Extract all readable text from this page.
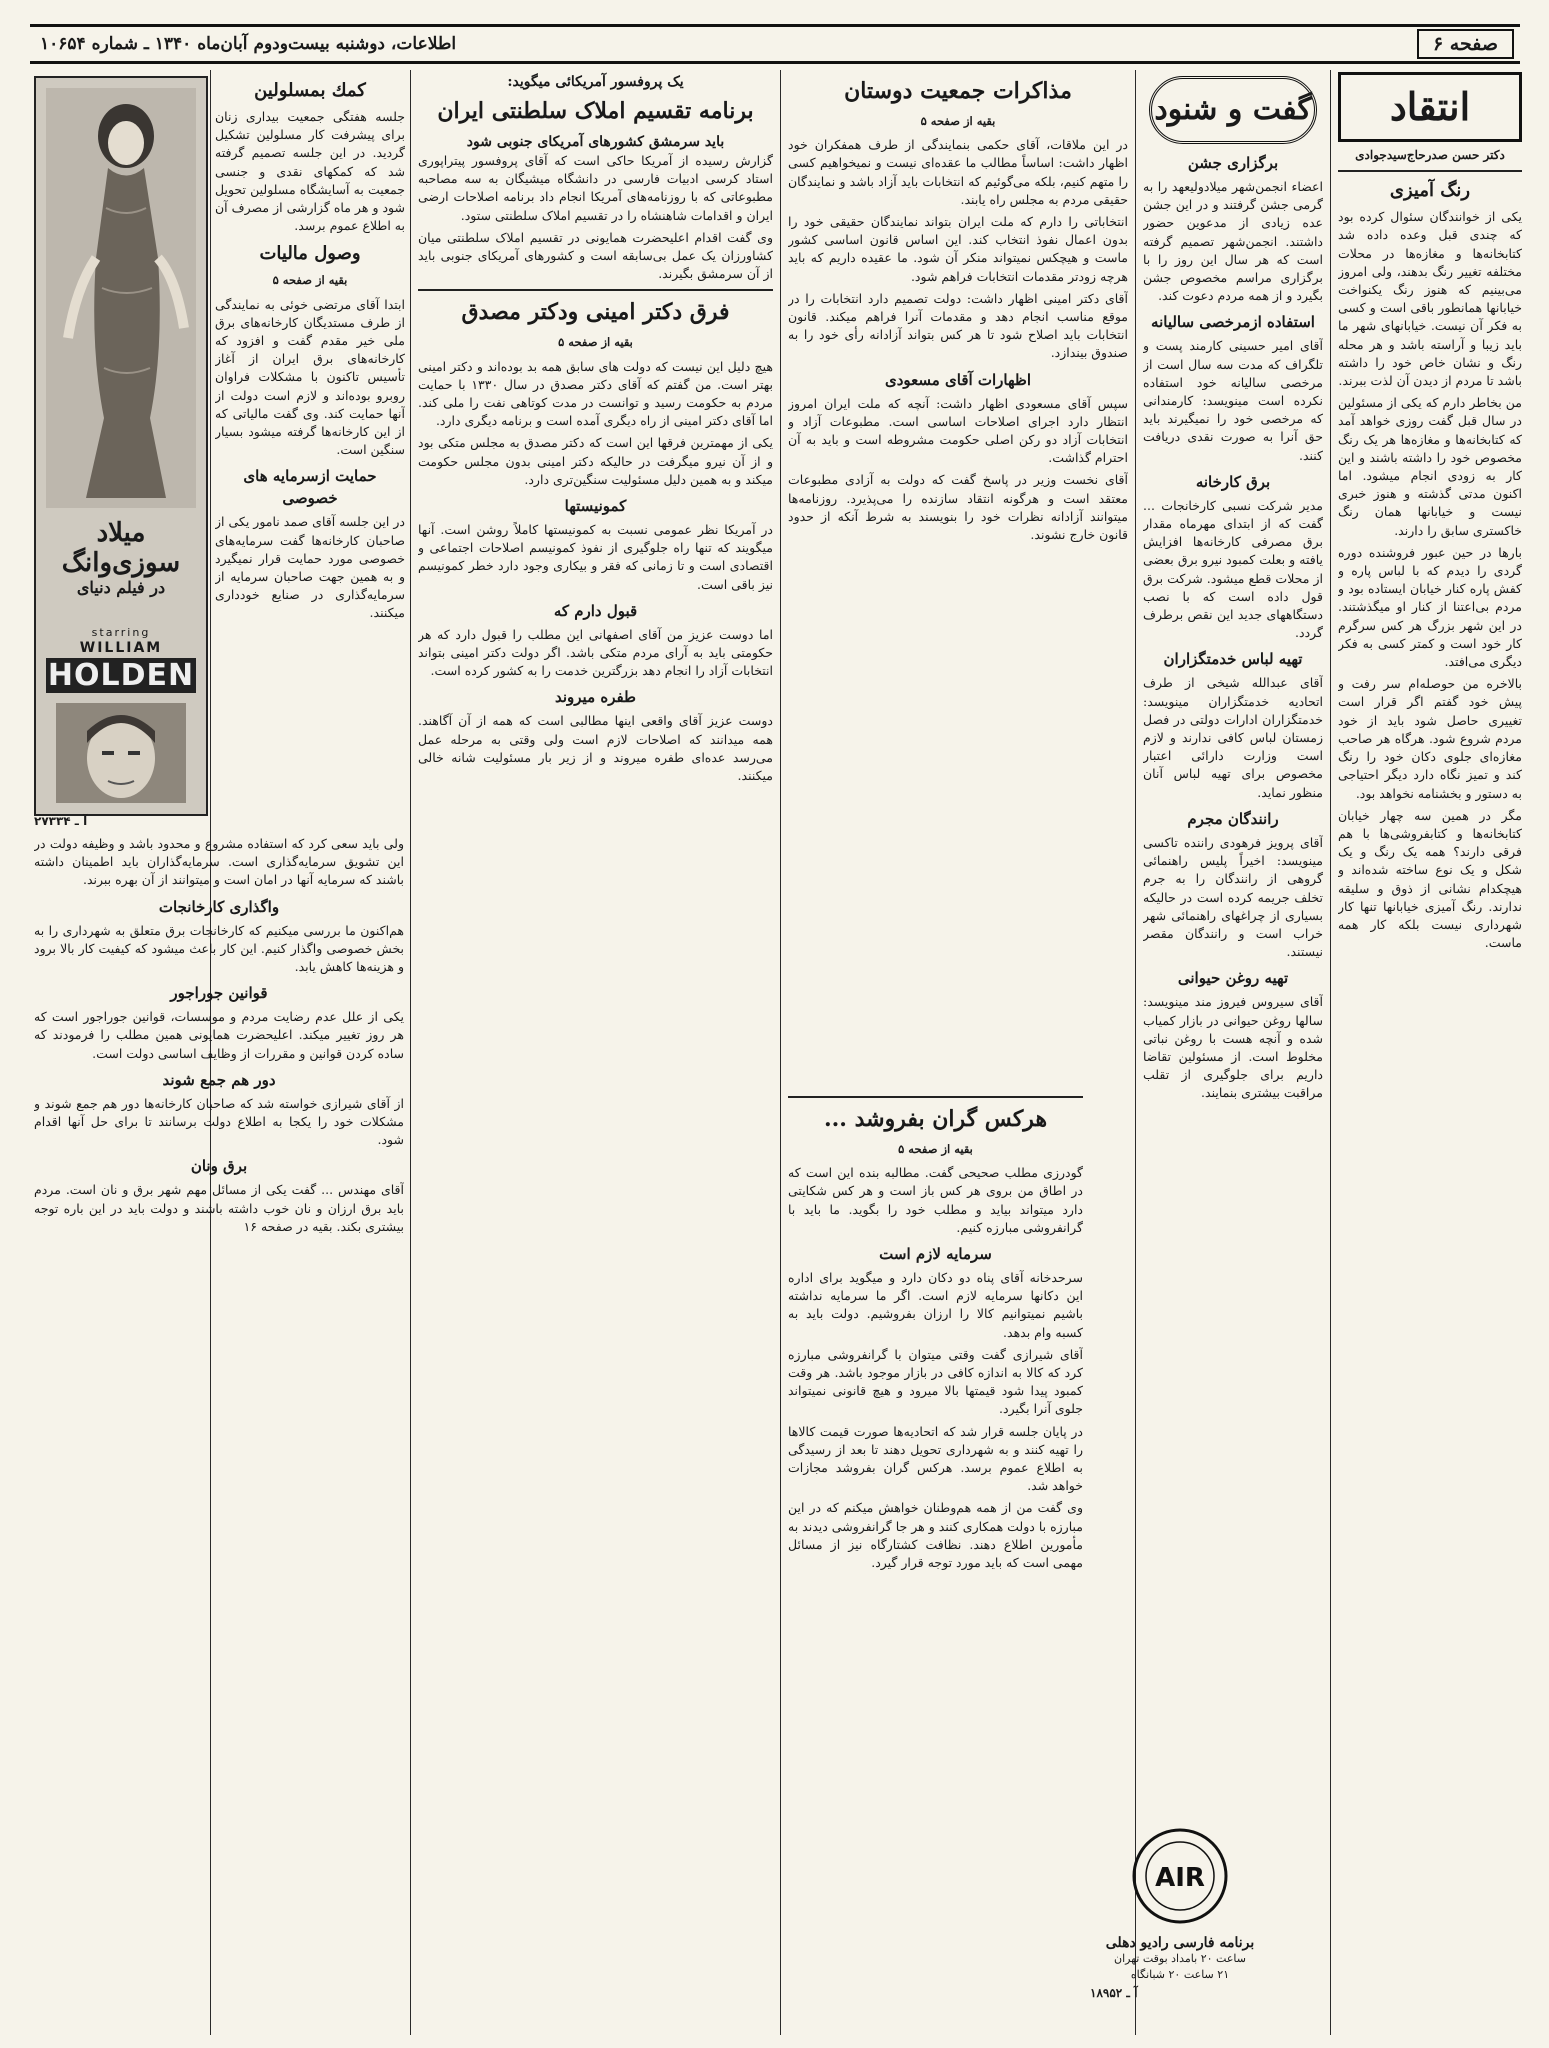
صفحه ۶
اطلاعات، دوشنبه بیست‌ودوم آبان‌ماه ۱۳۴۰ ـ شماره ۱۰۶۵۴
انتقاد
دکتر حسن صدرحاج‌سیدجوادی
رنگ آمیزی

یکی از خوانندگان سئوال کرده بود که چندی قبل وعده داده شد کتابخانه‌ها و مغازه‌ها در محلات مختلفه تغییر رنگ بدهند، ولی امروز می‌بینیم که هنوز رنگ یکنواخت خیابانها همانطور باقی است و کسی به فکر آن نیست. خیابانهای شهر ما باید زیبا و آراسته باشد و هر محله رنگ و نشان خاص خود را داشته باشد تا مردم از دیدن آن لذت ببرند.

من بخاطر دارم که یکی از مسئولین در سال قبل گفت روزی خواهد آمد که کتابخانه‌ها و مغازه‌ها هر یک رنگ مخصوص خود را داشته باشند و این کار به زودی انجام میشود. اما اکنون مدتی گذشته و هنوز خبری نیست و خیابانها همان رنگ خاکستری سابق را دارند.

بارها در حین عبور فروشنده دوره گردی را دیدم که با لباس پاره و کفش پاره کنار خیابان ایستاده بود و مردم بی‌اعتنا از کنار او میگذشتند. در این شهر بزرگ هر کس سرگرم کار خود است و کمتر کسی به فکر دیگری می‌افتد.

بالاخره من حوصله‌ام سر رفت و پیش خود گفتم اگر قرار است تغییری حاصل شود باید از خود مردم شروع شود. هرگاه هر صاحب مغازه‌ای جلوی دکان خود را رنگ کند و تمیز نگاه دارد دیگر احتیاجی به دستور و بخشنامه نخواهد بود.

مگر در همین سه چهار خیابان کتابخانه‌ها و کتابفروشی‌ها با هم فرقی دارند؟ همه یک رنگ و یک شکل و یک نوع ساخته شده‌اند و هیچکدام نشانی از ذوق و سلیقه ندارند. رنگ آمیزی خیابانها تنها کار شهرداری نیست بلکه کار همه ماست.

گفت و شنود
برگزاری جشن

اعضاء انجمن‌شهر میلادولیعهد را به گرمی جشن گرفتند و در این جشن عده زیادی از مدعوین حضور داشتند. انجمن‌شهر تصمیم گرفته است که هر سال این روز را با برگزاری مراسم مخصوص جشن بگیرد و از همه مردم دعوت کند.

استفاده ازمرخصی سالیانه

آقای امیر حسینی کارمند پست و تلگراف که مدت سه سال است از مرخصی سالیانه خود استفاده نکرده است مینویسد: کارمندانی که مرخصی خود را نمیگیرند باید حق آنرا به صورت نقدی دریافت کنند.

برق کارخانه

مدیر شرکت نسبی کارخانجات ... گفت که از ابتدای مهرماه مقدار برق مصرفی کارخانه‌ها افزایش یافته و بعلت کمبود نیرو برق بعضی از محلات قطع میشود. شرکت برق قول داده است که با نصب دستگاههای جدید این نقص برطرف گردد.

تهیه لباس خدمتگزاران

آقای عبدالله شیخی از طرف اتحادیه خدمتگزاران مینویسد: خدمتگزاران ادارات دولتی در فصل زمستان لباس کافی ندارند و لازم است وزارت دارائی اعتبار مخصوص برای تهیه لباس آنان منظور نماید.

رانندگان مجرم

آقای پرویز فرهودی راننده تاکسی مینویسد: اخیراً پلیس راهنمائی گروهی از رانندگان را به جرم تخلف جریمه کرده است در حالیکه بسیاری از چراغهای راهنمائی شهر خراب است و رانندگان مقصر نیستند.

تهیه روغن حیوانی

آقای سیروس فیروز مند مینویسد: سالها روغن حیوانی در بازار کمیاب شده و آنچه هست با روغن نباتی مخلوط است. از مسئولین تقاضا داریم برای جلوگیری از تقلب مراقبت بیشتری بنمایند.

مذاکرات جمعیت دوستان
بقیه از صفحه ۵

در این ملاقات، آقای حکمی بنمایندگی از طرف همفکران خود اظهار داشت: اساساً مطالب ما عقده‌ای نیست و نمیخواهیم کسی را متهم کنیم، بلکه می‌گوئیم که انتخابات باید آزاد باشد و نمایندگان حقیقی مردم به مجلس راه یابند.

انتخاباتی را دارم که ملت ایران بتواند نمایندگان حقیقی خود را بدون اعمال نفوذ انتخاب کند. این اساس قانون اساسی کشور ماست و هیچکس نمیتواند منکر آن شود. ما عقیده داریم که باید هرچه زودتر مقدمات انتخابات فراهم شود.

آقای دکتر امینی اظهار داشت: دولت تصمیم دارد انتخابات را در موقع مناسب انجام دهد و مقدمات آنرا فراهم میکند. قانون انتخابات باید اصلاح شود تا هر کس بتواند آزادانه رأی خود را به صندوق بیندازد.

اظهارات آقای مسعودی

سپس آقای مسعودی اظهار داشت: آنچه که ملت ایران امروز انتظار دارد اجرای اصلاحات اساسی است. مطبوعات آزاد و انتخابات آزاد دو رکن اصلی حکومت مشروطه است و باید به آن احترام گذاشت.

آقای نخست وزیر در پاسخ گفت که دولت به آزادی مطبوعات معتقد است و هرگونه انتقاد سازنده را می‌پذیرد. روزنامه‌ها میتوانند آزادانه نظرات خود را بنویسند به شرط آنکه از حدود قانون خارج نشوند.

هرکس گران بفروشد ...
بقیه از صفحه ۵

گودرزی مطلب صحیحی گفت. مطالبه بنده این است که در اطاق من بروی هر کس باز است و هر کس شکایتی دارد میتواند بیاید و مطلب خود را بگوید. ما باید با گرانفروشی مبارزه کنیم.

سرمایه لازم است

سرحدخانه آقای پناه دو دکان دارد و میگوید برای اداره این دکانها سرمایه لازم است. اگر ما سرمایه نداشته باشیم نمیتوانیم کالا را ارزان بفروشیم. دولت باید به کسبه وام بدهد.

آقای شیرازی گفت وقتی میتوان با گرانفروشی مبارزه کرد که کالا به اندازه کافی در بازار موجود باشد. هر وقت کمبود پیدا شود قیمتها بالا میرود و هیچ قانونی نمیتواند جلوی آنرا بگیرد.

در پایان جلسه قرار شد که اتحادیه‌ها صورت قیمت کالاها را تهیه کنند و به شهرداری تحویل دهند تا بعد از رسیدگی به اطلاع عموم برسد. هرکس گران بفروشد مجازات خواهد شد.

وی گفت من از همه هم‌وطنان خواهش میکنم که در این مبارزه با دولت همکاری کنند و هر جا گرانفروشی دیدند به مأمورین اطلاع دهند. نظافت کشتارگاه نیز از مسائل مهمی است که باید مورد توجه قرار گیرد.

یک پروفسور آمریکائی میگوید:
برنامه تقسیم املاک سلطنتی ایران
باید سرمشق کشورهای آمریکای جنوبی شود

گزارش رسیده از آمریکا حاکی است که آقای پروفسور پیتراپوری استاد کرسی ادبیات فارسی در دانشگاه میشیگان به سه مصاحبه مطبوعاتی که با روزنامه‌های آمریکا انجام داد برنامه اصلاحات ارضی ایران و اقدامات شاهنشاه را در تقسیم املاک سلطنتی ستود.

وی گفت اقدام اعلیحضرت همایونی در تقسیم املاک سلطنتی میان کشاورزان یک عمل بی‌سابقه است و کشورهای آمریکای جنوبی باید از آن سرمشق بگیرند.

فرق دکتر امینی ودکتر مصدق
بقیه از صفحه ۵

هیچ دلیل این نیست که دولت های سابق همه بد بوده‌اند و دکتر امینی بهتر است. من گفتم که آقای دکتر مصدق در سال ۱۳۳۰ با حمایت مردم به حکومت رسید و توانست در مدت کوتاهی نفت را ملی کند. اما آقای دکتر امینی از راه دیگری آمده است و برنامه دیگری دارد.

یکی از مهمترین فرقها این است که دکتر مصدق به مجلس متکی بود و از آن نیرو میگرفت در حالیکه دکتر امینی بدون مجلس حکومت میکند و به همین دلیل مسئولیت سنگین‌تری دارد.

کمونیستها

در آمریکا نظر عمومی نسبت به کمونیستها کاملاً روشن است. آنها میگویند که تنها راه جلوگیری از نفوذ کمونیسم اصلاحات اجتماعی و اقتصادی است و تا زمانی که فقر و بیکاری وجود دارد خطر کمونیسم نیز باقی است.

قبول دارم که

اما دوست عزیز من آقای اصفهانی این مطلب را قبول دارد که هر حکومتی باید به آرای مردم متکی باشد. اگر دولت دکتر امینی بتواند انتخابات آزاد را انجام دهد بزرگترین خدمت را به کشور کرده است.

طفره میروند

دوست عزیز آقای واقعی اینها مطالبی است که همه از آن آگاهند. همه میدانند که اصلاحات لازم است ولی وقتی به مرحله عمل می‌رسد عده‌ای طفره میروند و از زیر بار مسئولیت شانه خالی میکنند.

کمك بمسلولین

جلسه هفتگی جمعیت بیداری زنان برای پیشرفت کار مسلولین تشکیل گردید. در این جلسه تصمیم گرفته شد که کمکهای نقدی و جنسی جمعیت به آسایشگاه مسلولین تحویل شود و هر ماه گزارشی از مصرف آن به اطلاع عموم برسد.

وصول مالیات
بقیه از صفحه ۵

ابتدا آقای مرتضی خوئی به نمایندگی از طرف مستدیگان کارخانه‌های برق ملی خیر مقدم گفت و افزود که کارخانه‌های برق ایران از آغاز تأسیس تاکنون با مشکلات فراوان روبرو بوده‌اند و لازم است دولت از آنها حمایت کند. وی گفت مالیاتی که از این کارخانه‌ها گرفته میشود بسیار سنگین است.

حمایت ازسرمایه های خصوصی

در این جلسه آقای صمد نامور یکی از صاحبان کارخانه‌ها گفت سرمایه‌های خصوصی مورد حمایت قرار نمیگیرد و به همین جهت صاحبان سرمایه از سرمایه‌گذاری در صنایع خودداری میکنند.

ولی باید سعی کرد که استفاده مشروع و محدود باشد و وظیفه دولت در این تشویق سرمایه‌گذاری است. سرمایه‌گذاران باید اطمینان داشته باشند که سرمایه آنها در امان است و میتوانند از آن بهره ببرند.

واگذاری کارخانجات

هم‌اکنون ما بررسی میکنیم که کارخانجات برق متعلق به شهرداری را به بخش خصوصی واگذار کنیم. این کار باعث میشود که کیفیت کار بالا برود و هزینه‌ها کاهش یابد.

قوانین جوراجور

یکی از علل عدم رضایت مردم و موسسات، قوانین جوراجور است که هر روز تغییر میکند. اعلیحضرت همایونی همین مطلب را فرمودند که ساده کردن قوانین و مقررات از وظایف اساسی دولت است.

دور هم جمع شوند

از آقای شیرازی خواسته شد که صاحبان کارخانه‌ها دور هم جمع شوند و مشکلات خود را یکجا به اطلاع دولت برسانند تا برای حل آنها اقدام شود.

برق ونان

آقای مهندس ... گفت یکی از مسائل مهم شهر برق و نان است. مردم باید برق ارزان و نان خوب داشته باشند و دولت باید در این باره توجه بیشتری بکند. بقیه در صفحه ۱۶

میلاد
سوزی‌وانگ
در فیلم دنیای
starring
WILLIAM
HOLDEN
آ ـ ۲۷۳۳۴
AIR
برنامه فارسی رادیو دهلی
ساعت ۲۰ بامداد بوقت تهران
۲۱ ساعت ۲۰ شبانگاه
آ ـ ۱۸۹۵۲
